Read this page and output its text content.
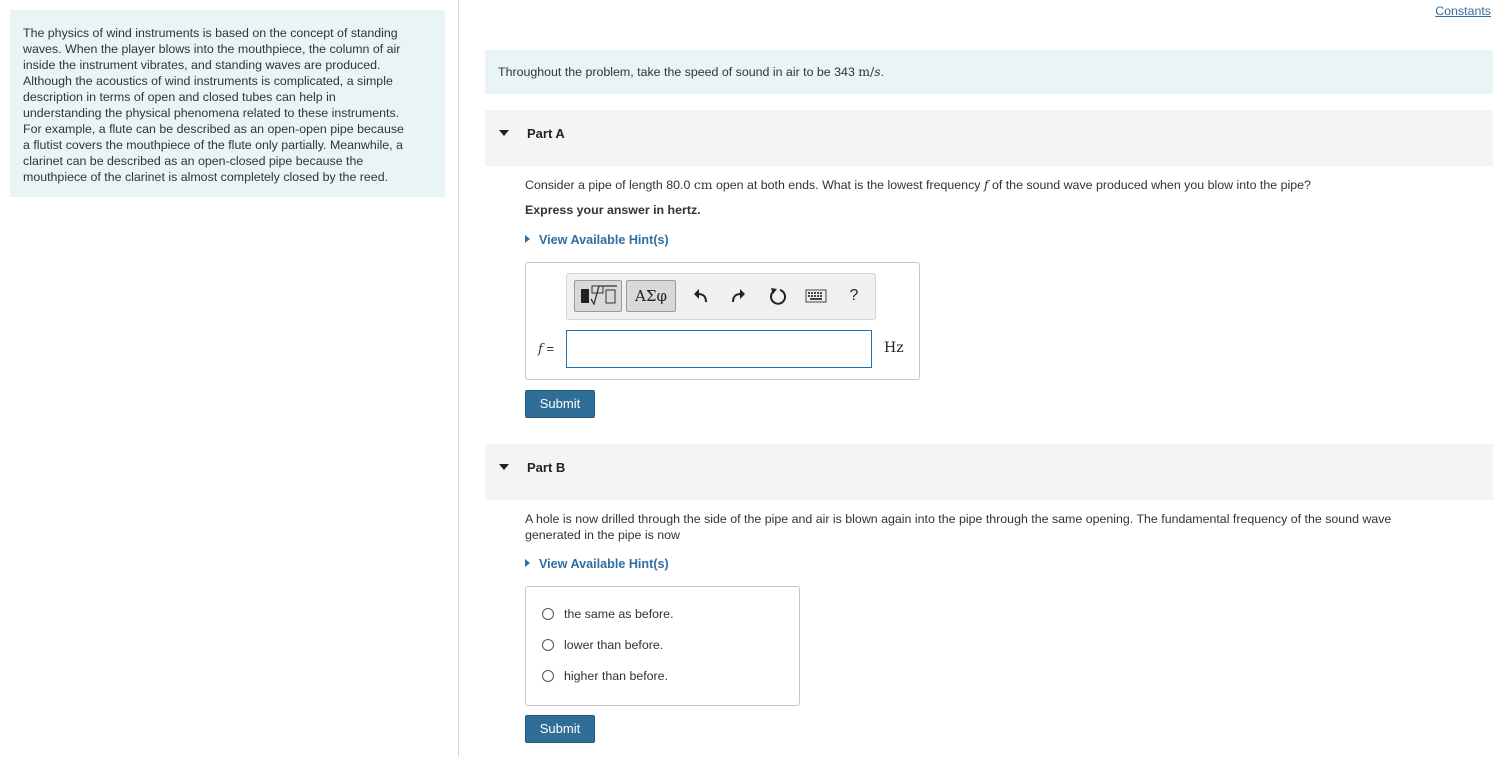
The physics of wind instruments is based on the concept of standing
waves. When the player blows into the mouthpiece, the column of air
inside the instrument vibrates, and standing waves are produced.
Although the acoustics of wind instruments is complicated, a simple
description in terms of open and closed tubes can help in
understanding the physical phenomena related to these instruments.
For example, a flute can be described as an open-open pipe because
a flutist covers the mouthpiece of the flute only partially. Meanwhile, a
clarinet can be described as an open-closed pipe because the
mouthpiece of the clarinet is almost completely closed by the reed.
Constants
Throughout the problem, take the speed of sound in air to be 343 m/s.
Part A
Consider a pipe of length 80.0 cm open at both ends. What is the lowest frequency f of the sound wave produced when you blow into the pipe?
Express your answer in hertz.
View Available Hint(s)
ΑΣφ	?
f =	Hz
Submit
Part B
A hole is now drilled through the side of the pipe and air is blown again into the pipe through the same opening. The fundamental frequency of the sound wave
generated in the pipe is now
View Available Hint(s)
the same as before.
lower than before.
higher than before.
Submit
